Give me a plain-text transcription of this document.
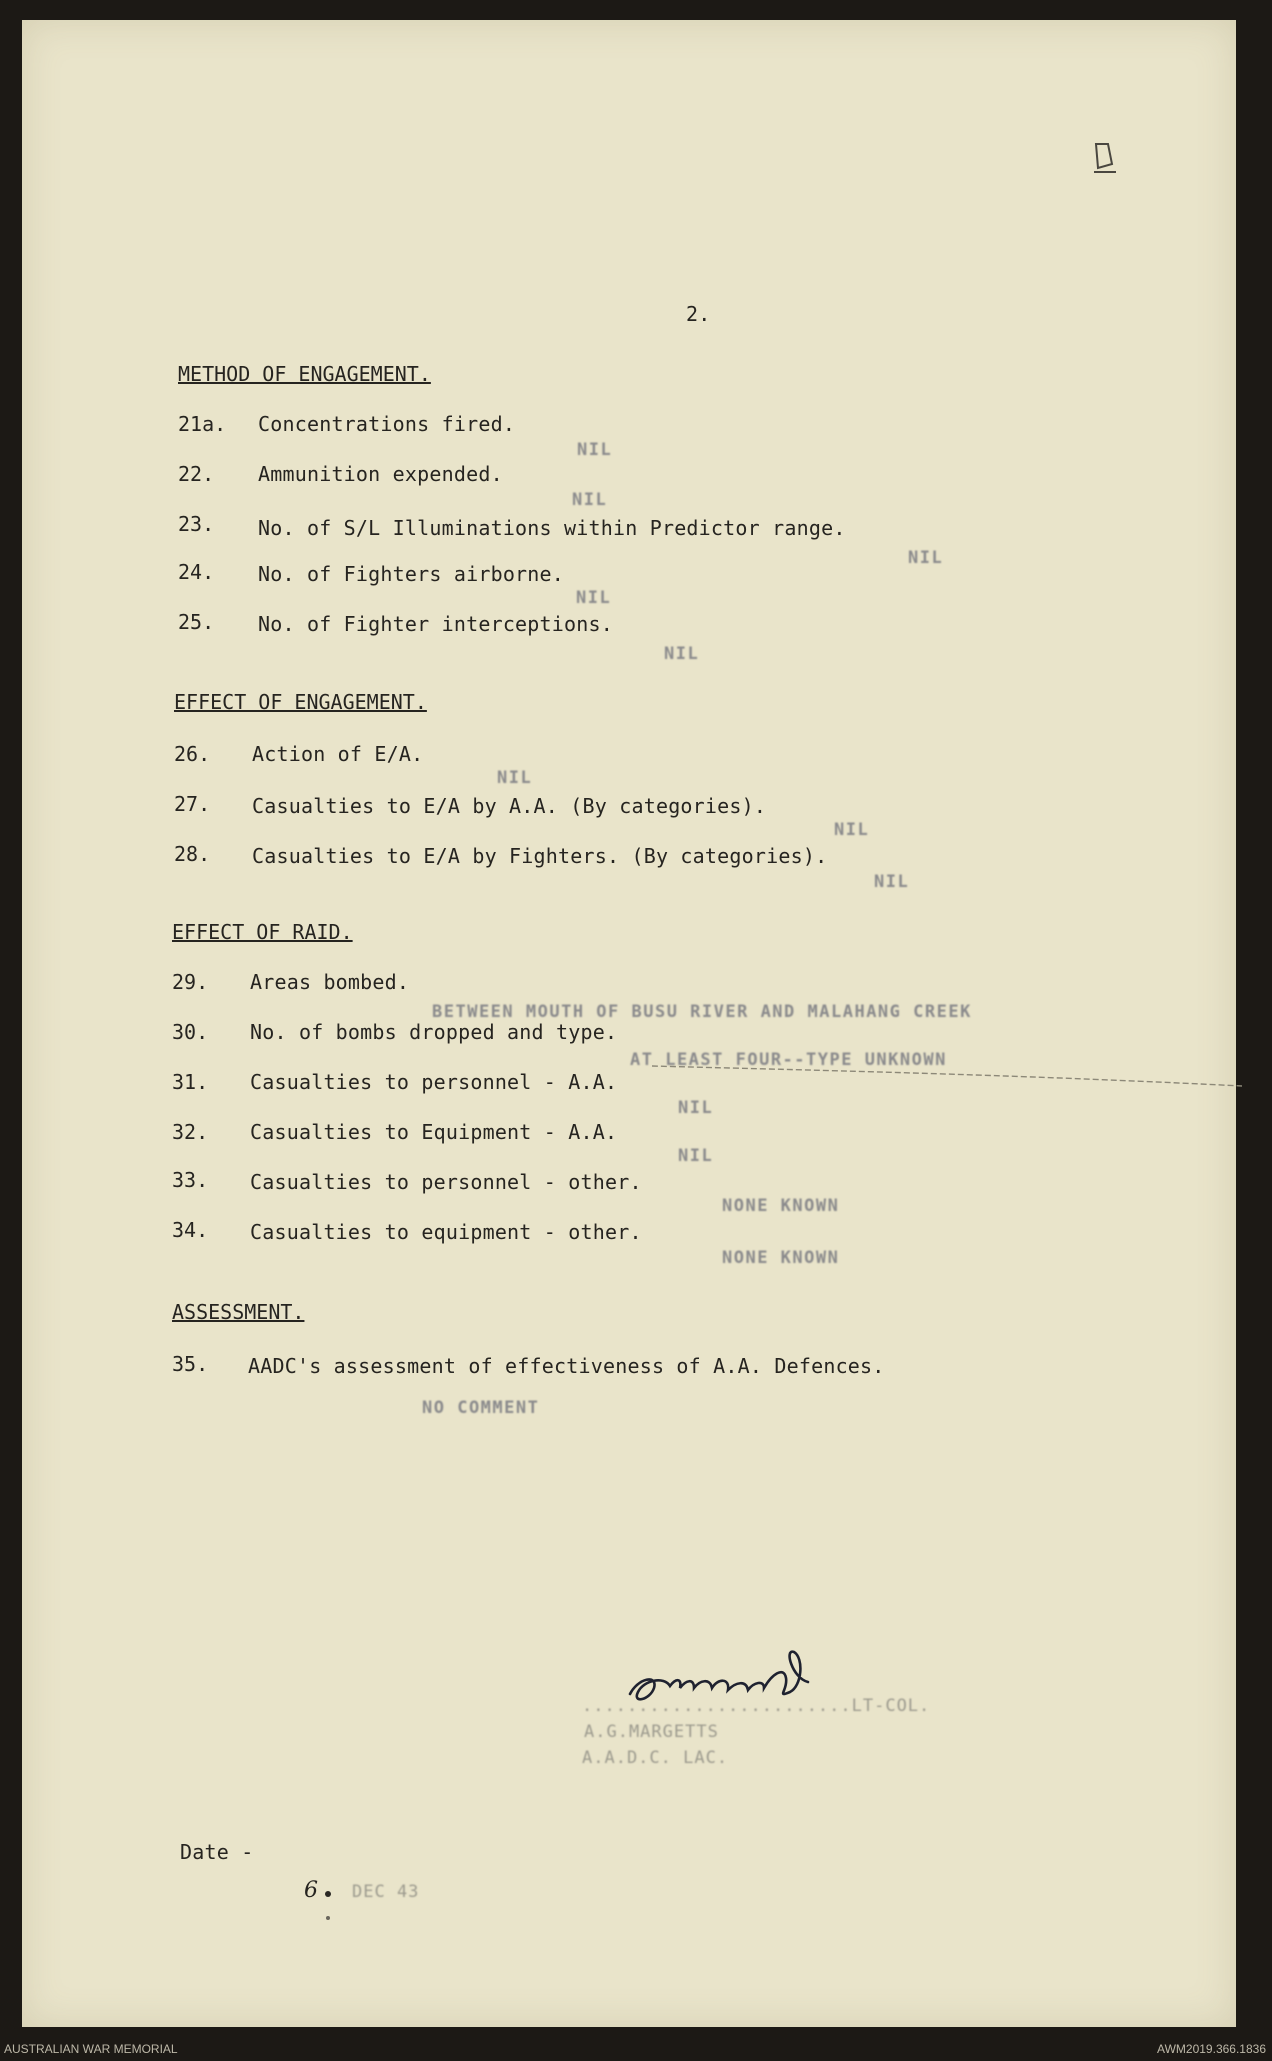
2.
METHOD OF ENGAGEMENT.
21a. Concentrations fired.
NIL
22. Ammunition expended.
NIL
23. No. of S/L Illuminations within Predictor range.
NIL
24. No. of Fighters airborne.
NIL
25. No. of Fighter interceptions.
NIL
EFFECT OF ENGAGEMENT.
26. Action of E/A.
NIL
27. Casualties to E/A by A.A. (By categories).
NIL
28. Casualties to E/A by Fighters. (By categories).
NIL
EFFECT OF RAID.
29. Areas bombed.
BETWEEN MOUTH OF BUSU RIVER AND MALAHANG CREEK
30. No. of bombs dropped and type.
AT LEAST FOUR--TYPE UNKNOWN
31. Casualties to personnel - A.A.
NIL
32. Casualties to Equipment - A.A.
NIL
33. Casualties to personnel - other.
NONE KNOWN
34. Casualties to equipment - other.
NONE KNOWN
ASSESSMENT.
35. AADC's assessment of effectiveness of A.A. Defences.
NO COMMENT
........................LT-COL.
A.G.MARGETTS
A.A.D.C. LAC.
Date -
6 DEC 43
AUSTRALIAN WAR MEMORIAL	AWM2019.366.1836
